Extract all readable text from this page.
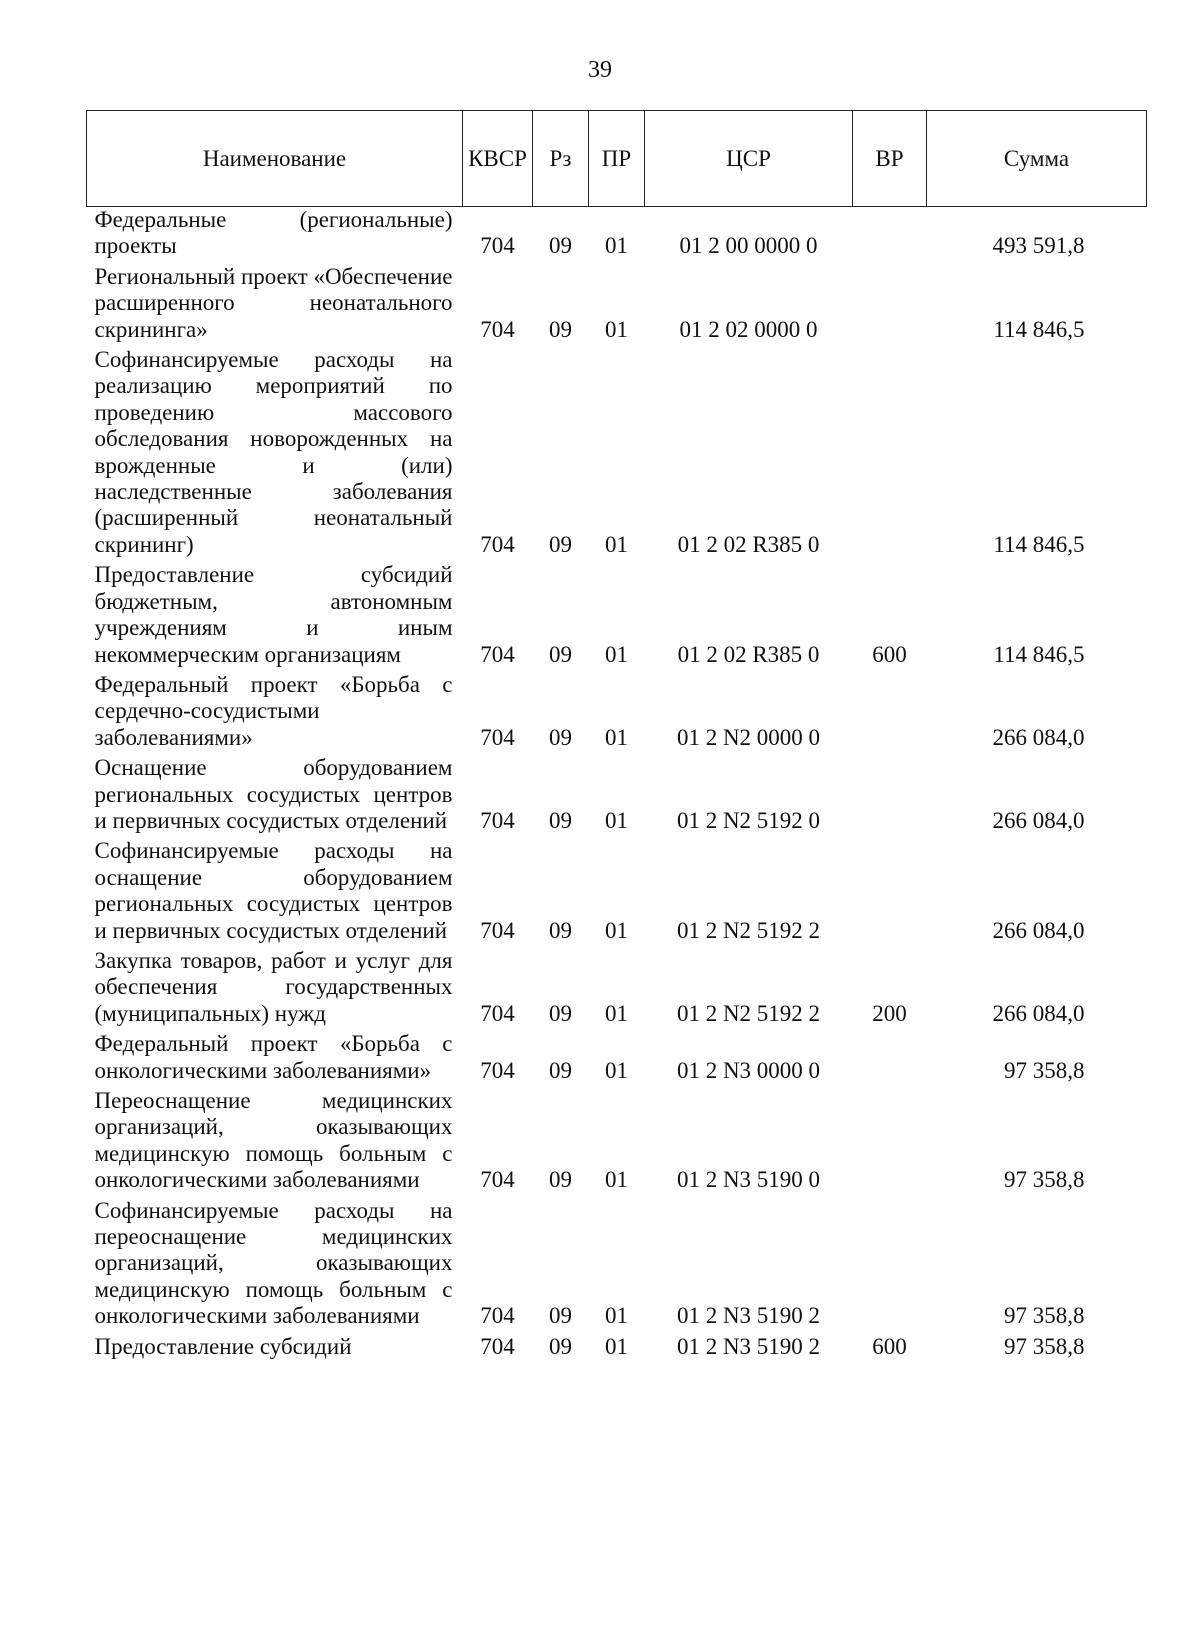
39
Наименование	КВСР	Рз	ПР	ЦСР	ВР	Сумма

Федеральные (региональные) проекты	704	09	01	01 2 00 0000 0		493 591,8

Региональный проект «Обеспечение расширенного неонатального скрининга»	704	09	01	01 2 02 0000 0		114 846,5

Софинансируемые расходы на реализацию мероприятий по проведению массового обследования новорожденных на врожденные и (или) наследственные заболевания (расширенный неонатальный скрининг)	704	09	01	01 2 02 R385 0		114 846,5

Предоставление субсидий бюджетным, автономным учреждениям и иным некоммерческим организациям	704	09	01	01 2 02 R385 0	600	114 846,5

Федеральный проект «Борьба с сердечно-сосудистыми заболеваниями»	704	09	01	01 2 N2 0000 0		266 084,0

Оснащение оборудованием региональных сосудистых центров и первичных сосудистых отделений	704	09	01	01 2 N2 5192 0		266 084,0

Софинансируемые расходы на оснащение оборудованием региональных сосудистых центров и первичных сосудистых отделений	704	09	01	01 2 N2 5192 2		266 084,0

Закупка товаров, работ и услуг для обеспечения государственных (муниципальных) нужд	704	09	01	01 2 N2 5192 2	200	266 084,0

Федеральный проект «Борьба с онкологическими заболеваниями»	704	09	01	01 2 N3 0000 0		97 358,8

Переоснащение медицинских организаций, оказывающих медицинскую помощь больным с онкологическими заболеваниями	704	09	01	01 2 N3 5190 0		97 358,8

Софинансируемые расходы на переоснащение медицинских организаций, оказывающих медицинскую помощь больным с онкологическими заболеваниями	704	09	01	01 2 N3 5190 2		97 358,8

Предоставление субсидий	704	09	01	01 2 N3 5190 2	600	97 358,8
